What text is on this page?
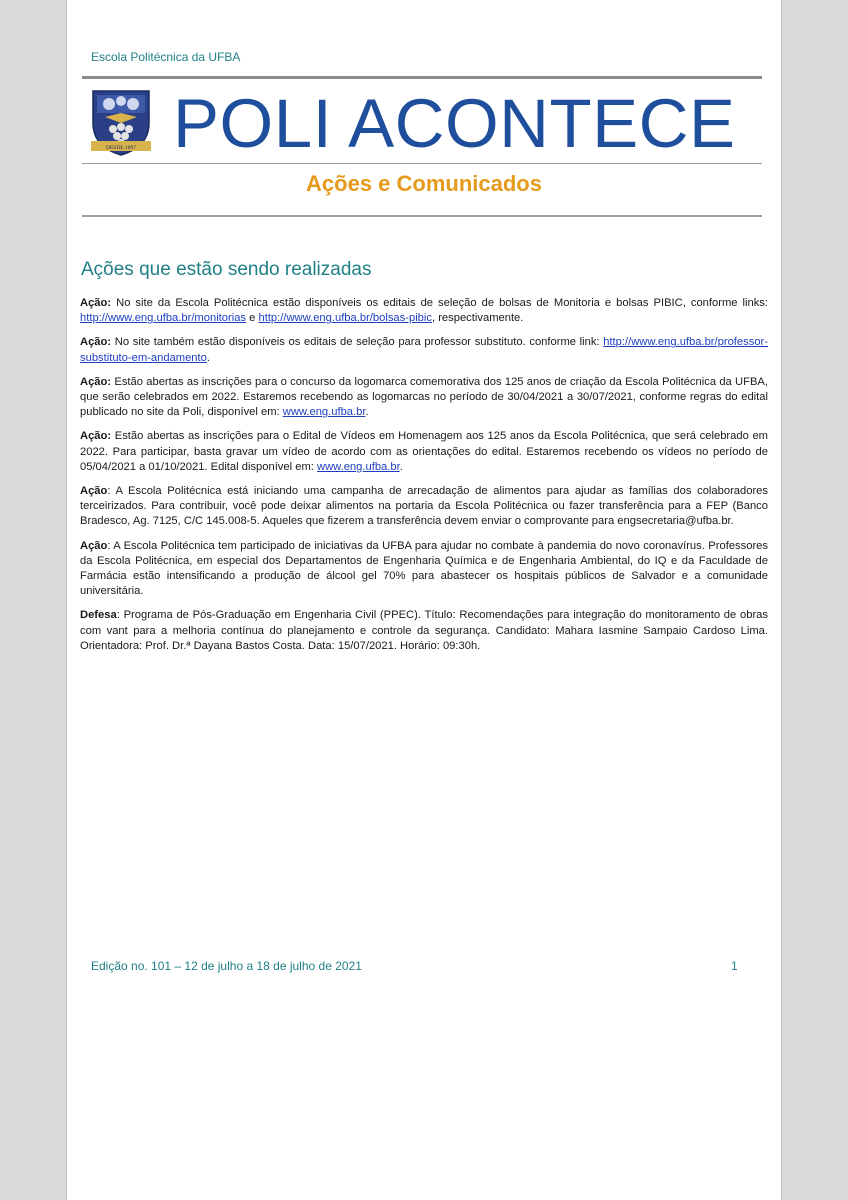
Escola Politécnica da UFBA
DESDE 1897 POLI ACONTECE
Ações e Comunicados
Ações que estão sendo realizadas

Ação: No site da Escola Politécnica estão disponíveis os editais de seleção de bolsas de Monitoria e bolsas PIBIC, conforme links: http://www.eng.ufba.br/monitorias e http://www.eng.ufba.br/bolsas-pibic, respectivamente.

Ação: No site também estão disponíveis os editais de seleção para professor substituto. conforme link: http://www.eng.ufba.br/professor-substituto-em-andamento.

Ação: Estão abertas as inscrições para o concurso da logomarca comemorativa dos 125 anos de criação da Escola Politécnica da UFBA, que serão celebrados em 2022. Estaremos recebendo as logomarcas no período de 30/04/2021 a 30/07/2021, conforme regras do edital publicado no site da Poli, disponível em: www.eng.ufba.br.

Ação: Estão abertas as inscrições para o Edital de Vídeos em Homenagem aos 125 anos da Escola Politécnica, que será celebrado em 2022. Para participar, basta gravar um vídeo de acordo com as orientações do edital. Estaremos recebendo os vídeos no período de 05/04/2021 a 01/10/2021. Edital disponível em: www.eng.ufba.br.

Ação: A Escola Politécnica está iniciando uma campanha de arrecadação de alimentos para ajudar as famílias dos colaboradores terceirizados. Para contribuir, você pode deixar alimentos na portaria da Escola Politécnica ou fazer transferência para a FEP (Banco Bradesco, Ag. 7125, C/C 145.008-5. Aqueles que fizerem a transferência devem enviar o comprovante para engsecretaria@ufba.br.

Ação: A Escola Politécnica tem participado de iniciativas da UFBA para ajudar no combate à pandemia do novo coronavírus. Professores da Escola Politécnica, em especial dos Departamentos de Engenharia Química e de Engenharia Ambiental, do IQ e da Faculdade de Farmácia estão intensificando a produção de álcool gel 70% para abastecer os hospitais públicos de Salvador e a comunidade universitária.

Defesa: Programa de Pós-Graduação em Engenharia Civil (PPEC). Título: Recomendações para integração do monitoramento de obras com vant para a melhoria contínua do planejamento e controle da segurança. Candidato: Mahara Iasmine Sampaio Cardoso Lima. Orientadora: Prof. Dr.ª Dayana Bastos Costa. Data: 15/07/2021. Horário: 09:30h.

Edição no. 101 – 12 de julho a 18 de julho de 2021	1
